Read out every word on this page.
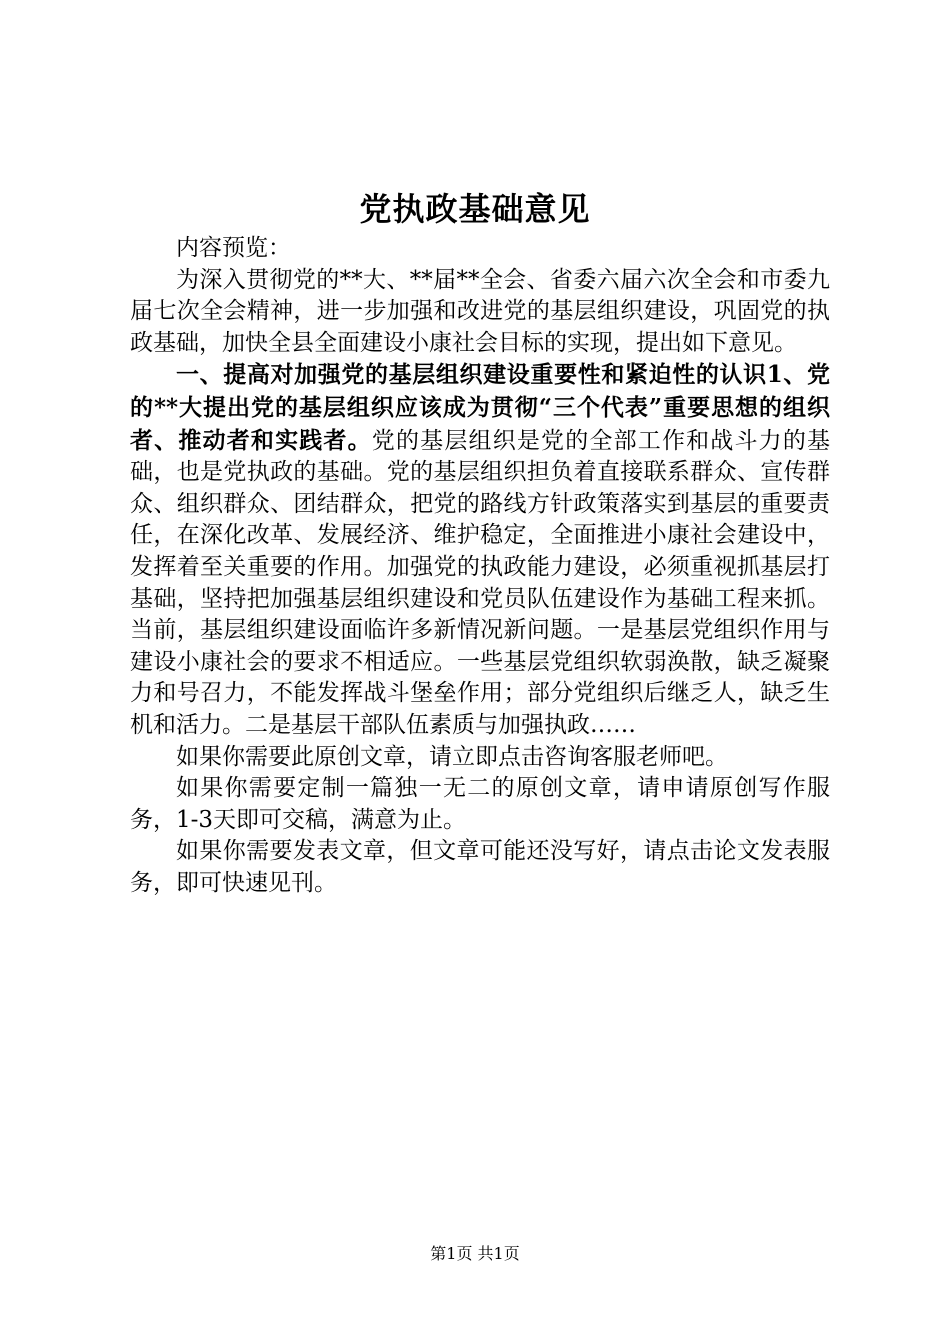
党执政基础意见

内容预览：

为深入贯彻党的**大、**届**全会、省委六届六次全会和市委九届七次全会精神，进一步加强和改进党的基层组织建设，巩固党的执政基础，加快全县全面建设小康社会目标的实现，提出如下意见。

一、提高对加强党的基层组织建设重要性和紧迫性的认识1、党的**大提出党的基层组织应该成为贯彻“三个代表”重要思想的组织者、推动者和实践者。党的基层组织是党的全部工作和战斗力的基础，也是党执政的基础。党的基层组织担负着直接联系群众、宣传群众、组织群众、团结群众，把党的路线方针政策落实到基层的重要责任，在深化改革、发展经济、维护稳定，全面推进小康社会建设中，发挥着至关重要的作用。加强党的执政能力建设，必须重视抓基层打基础，坚持把加强基层组织建设和党员队伍建设作为基础工程来抓。当前，基层组织建设面临许多新情况新问题。一是基层党组织作用与建设小康社会的要求不相适应。一些基层党组织软弱涣散，缺乏凝聚力和号召力，不能发挥战斗堡垒作用；部分党组织后继乏人，缺乏生机和活力。二是基层干部队伍素质与加强执政……

如果你需要此原创文章，请立即点击咨询客服老师吧。

如果你需要定制一篇独一无二的原创文章，请申请原创写作服务，1-3天即可交稿，满意为止。

如果你需要发表文章，但文章可能还没写好，请点击论文发表服务，即可快速见刊。

第1页 共1页
